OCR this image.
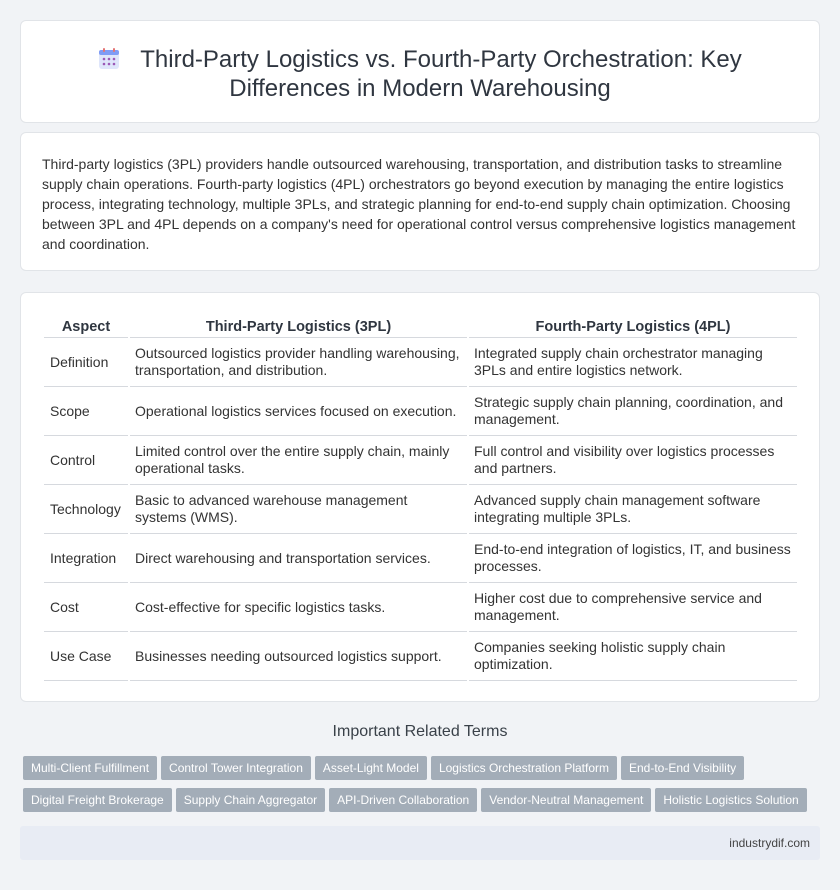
Third-Party Logistics vs. Fourth-Party Orchestration: Key
Differences in Modern Warehousing

Third-party logistics (3PL) providers handle outsourced warehousing, transportation, and distribution tasks to streamline supply chain operations. Fourth-party logistics (4PL) orchestrators go beyond execution by managing the entire logistics process, integrating technology, multiple 3PLs, and strategic planning for end-to-end supply chain optimization. Choosing between 3PL and 4PL depends on a company's need for operational control versus comprehensive logistics management and coordination.

Aspect	Third-Party Logistics (3PL)	Fourth-Party Logistics (4PL)
Definition	Outsourced logistics provider handling warehousing, transportation, and distribution.	Integrated supply chain orchestrator managing 3PLs and entire logistics network.
Scope	Operational logistics services focused on execution.	Strategic supply chain planning, coordination, and management.
Control	Limited control over the entire supply chain, mainly operational tasks.	Full control and visibility over logistics processes and partners.
Technology	Basic to advanced warehouse management systems (WMS).	Advanced supply chain management software integrating multiple 3PLs.
Integration	Direct warehousing and transportation services.	End-to-end integration of logistics, IT, and business processes.
Cost	Cost-effective for specific logistics tasks.	Higher cost due to comprehensive service and management.
Use Case	Businesses needing outsourced logistics support.	Companies seeking holistic supply chain optimization.
Important Related Terms
Multi-Client Fulfillment Control Tower Integration Asset-Light Model Logistics Orchestration Platform End-to-End Visibility
Digital Freight Brokerage Supply Chain Aggregator API-Driven Collaboration Vendor-Neutral Management Holistic Logistics Solution
industrydif.com
